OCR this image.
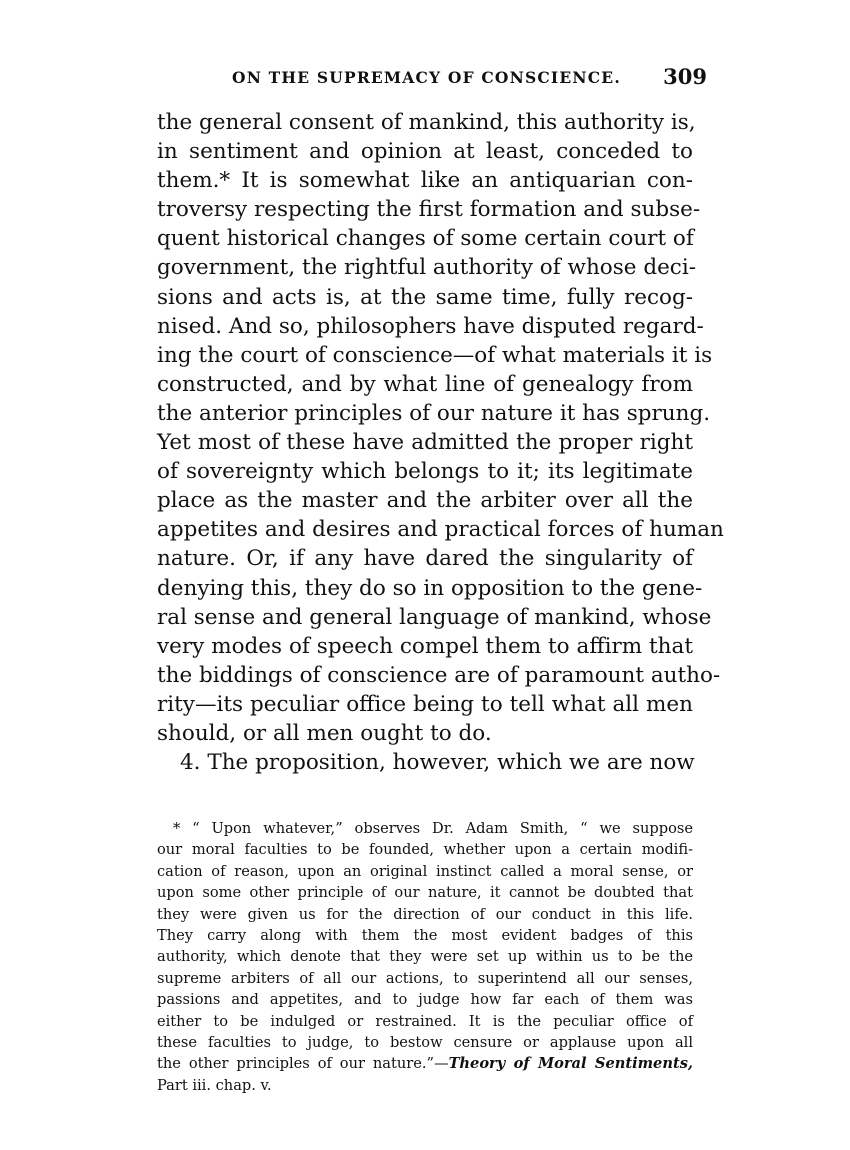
ON THE SUPREMACY OF CONSCIENCE. 309
the general consent of mankind, this authority is,
in sentiment and opinion at least, conceded to
them.* It is somewhat like an antiquarian con-
troversy respecting the first formation and subse-
quent historical changes of some certain court of
government, the rightful authority of whose deci-
sions and acts is, at the same time, fully recog-
nised. And so, philosophers have disputed regard-
ing the court of conscience—of what materials it is
constructed, and by what line of genealogy from
the anterior principles of our nature it has sprung.
Yet most of these have admitted the proper right
of sovereignty which belongs to it; its legitimate
place as the master and the arbiter over all the
appetites and desires and practical forces of human
nature. Or, if any have dared the singularity of
denying this, they do so in opposition to the gene-
ral sense and general language of mankind, whose
very modes of speech compel them to affirm that
the biddings of conscience are of paramount autho-
rity—its peculiar office being to tell what all men
should, or all men ought to do.
4. The proposition, however, which we are now
* “ Upon whatever,” observes Dr. Adam Smith, “ we suppose
our moral faculties to be founded, whether upon a certain modifi-
cation of reason, upon an original instinct called a moral sense, or
upon some other principle of our nature, it cannot be doubted that
they were given us for the direction of our conduct in this life.
They carry along with them the most evident badges of this
authority, which denote that they were set up within us to be the
supreme arbiters of all our actions, to superintend all our senses,
passions and appetites, and to judge how far each of them was
either to be indulged or restrained. It is the peculiar office of
these faculties to judge, to bestow censure or applause upon all
the other principles of our nature.”—Theory of Moral Sentiments,
Part iii. chap. v.
